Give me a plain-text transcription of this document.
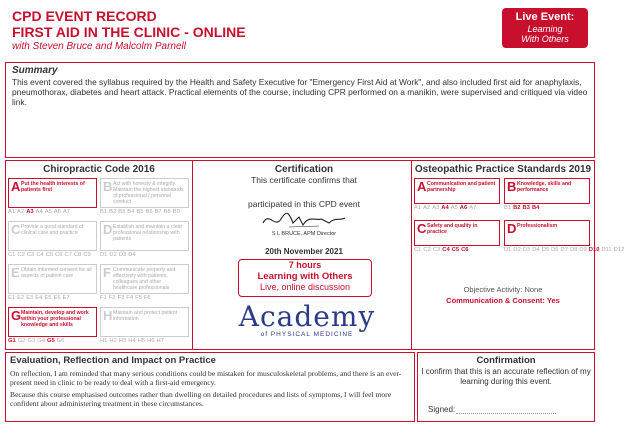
CPD EVENT RECORD
FIRST AID IN THE CLINIC - ONLINE
with Steven Bruce and Malcolm Parnell
Live Event:
Learning
With Others
Summary

This event covered the syllabus required by the Health and Safety Executive for "Emergency First Aid at Work", and also included first aid for anaphylaxis, pneumothorax, diabetes and heart attack. Practical elements of the course, including CPR performed on a manikin, were supervised and critiqued via video link.

Chiropractic Code 2016
A Put the health interests of patients first
A1 A2 A3 A4 A5 A6 A7
B Act with honesty & integrity. Maintain the highest standards of professional / personal conduct
B1 B2 B3 B4 B5 B6 B7 B8 B9
C Provide a good standard of clinical care and practice
C1 C2 C3 C4 C5 C6 C7 C8 C9
D Establish and maintain a clear professional relationship with patients
D1 D2 D3 D4
E Obtain informed consent for all aspects of patient care
E1 E2 E3 E4 E5 E6 E7
F Communicate properly and effectively with patients, colleagues and other healthcare professionals
F1 F2 F3 F4 F5 F6
G Maintain, develop and work within your professional knowledge and skills
G1 G2 G3 G4 G5 G6
H Maintain and protect patient information
H1 H2 H3 H4 H5 H6 H7
Certification
This certificate confirms that
participated in this CPD event
S L BRUCE, APM Director
20th November 2021
7 hours
Learning with Others
Live, online discussion
Academy
of PHYSICAL MEDICINE
Osteopathic Practice Standards 2019
A Communication and patient partnership
A1 A2 A3 A4 A5 A6 A7
B Knowledge, skills and performance
B1 B2 B3 B4
C Safety and quality in practice
C1 C2 C3 C4 C5 C6
D Professionalism
D1 D2 D3 D4 D5 D6 D7 D8 D9 D10 D11 D12
Objective Activity: None
Communication & Consent: Yes
Evaluation, Reflection and Impact on Practice

On reflection, I am reminded that many serious conditions could be mistaken for musculoskeletal problems, and there is an ever-present need in clinic to be ready to deal with a first-aid emergency.

Because this course emphasised outcomes rather than dwelling on detailed procedures and lists of symptoms, I will feel more confident about administering treatment in these circumstances.

Confirmation

I confirm that this is an accurate reflection of my learning during this event.

Signed:
